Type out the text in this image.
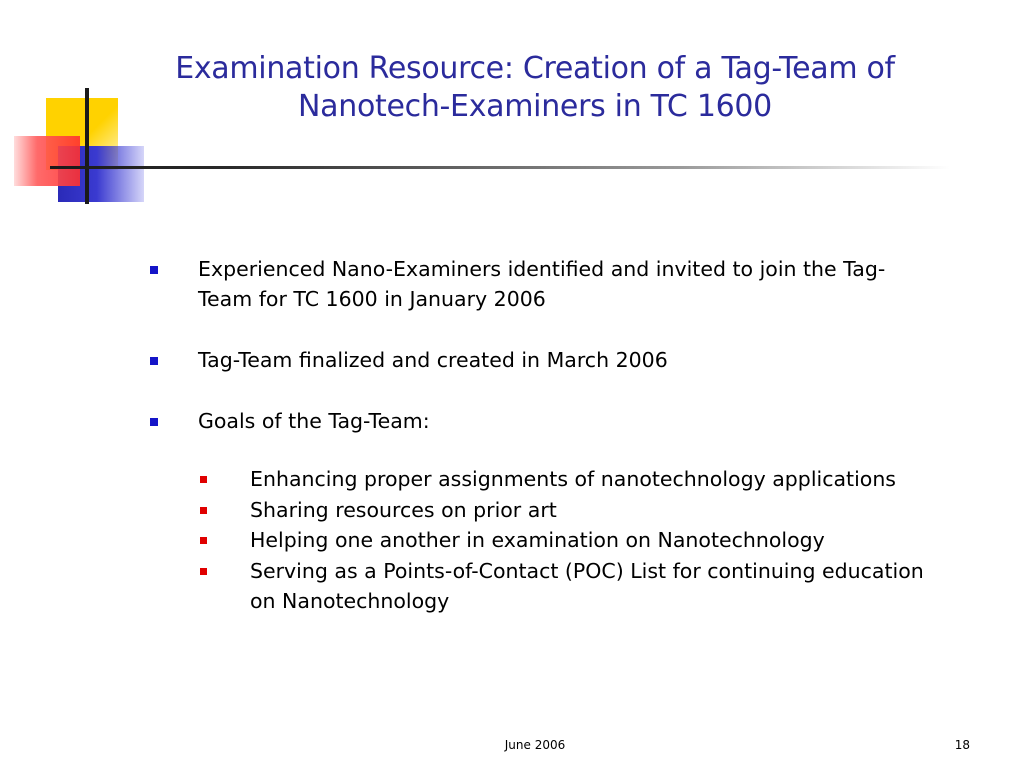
Examination Resource: Creation of a Tag-Team of Nanotech-Examiners in TC 1600
Experienced Nano-Examiners identified and invited to join the Tag-Team for TC 1600 in January 2006
Tag-Team finalized and created in March 2006
Goals of the Tag-Team:
Enhancing proper assignments of nanotechnology applications
Sharing resources on prior art
Helping one another in examination on Nanotechnology
Serving as a Points-of-Contact (POC) List for continuing education on Nanotechnology
June 2006	18
